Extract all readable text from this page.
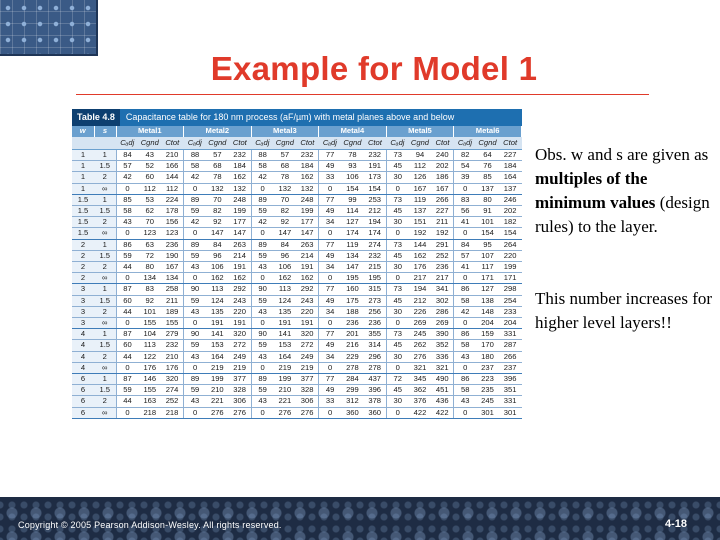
Example for Model 1
Table 4.8 Capacitance table for 180 nm process (aF/µm) with metal planes above and below
w	s	Metal1			Metal2			Metal3			Metal4			Metal5			Metal6		
		Cₐdj	Cgnd	Ctot	Cₐdj	Cgnd	Ctot	Cₐdj	Cgnd	Ctot	Cₐdj	Cgnd	Ctot	Cₐdj	Cgnd	Ctot	Cₐdj	Cgnd	Ctot
1	1	84	43	210	88	57	232	88	57	232	77	78	232	73	94	240	82	64	227
1	1.5	57	52	166	58	68	184	58	68	184	49	93	191	45	112	202	54	76	184
1	2	42	60	144	42	78	162	42	78	162	33	106	173	30	126	186	39	85	164
1	∞	0	112	112	0	132	132	0	132	132	0	154	154	0	167	167	0	137	137
1.5	1	85	53	224	89	70	248	89	70	248	77	99	253	73	119	266	83	80	246
1.5	1.5	58	62	178	59	82	199	59	82	199	49	114	212	45	137	227	56	91	202
1.5	2	43	70	156	42	92	177	42	92	177	34	127	194	30	151	211	41	101	182
1.5	∞	0	123	123	0	147	147	0	147	147	0	174	174	0	192	192	0	154	154
2	1	86	63	236	89	84	263	89	84	263	77	119	274	73	144	291	84	95	264
2	1.5	59	72	190	59	96	214	59	96	214	49	134	232	45	162	252	57	107	220
2	2	44	80	167	43	106	191	43	106	191	34	147	215	30	176	236	41	117	199
2	∞	0	134	134	0	162	162	0	162	162	0	195	195	0	217	217	0	171	171
3	1	87	83	258	90	113	292	90	113	292	77	160	315	73	194	341	86	127	298
3	1.5	60	92	211	59	124	243	59	124	243	49	175	273	45	212	302	58	138	254
3	2	44	101	189	43	135	220	43	135	220	34	188	256	30	226	286	42	148	233
3	∞	0	155	155	0	191	191	0	191	191	0	236	236	0	269	269	0	204	204
4	1	87	104	279	90	141	320	90	141	320	77	201	355	73	245	390	86	159	331
4	1.5	60	113	232	59	153	272	59	153	272	49	216	314	45	262	352	58	170	287
4	2	44	122	210	43	164	249	43	164	249	34	229	296	30	276	336	43	180	266
4	∞	0	176	176	0	219	219	0	219	219	0	278	278	0	321	321	0	237	237
6	1	87	146	320	89	199	377	89	199	377	77	284	437	72	345	490	86	223	396
6	1.5	59	155	274	59	210	328	59	210	328	49	299	396	45	362	451	58	235	351
6	2	44	163	252	43	221	306	43	221	306	33	312	378	30	376	436	43	245	331
6	∞	0	218	218	0	276	276	0	276	276	0	360	360	0	422	422	0	301	301
Obs. w and s are given as multiples of the minimum values (design rules) to the layer.
This number increases for higher level layers!!
Copyright © 2005 Pearson Addison-Wesley. All rights reserved.	4-18
